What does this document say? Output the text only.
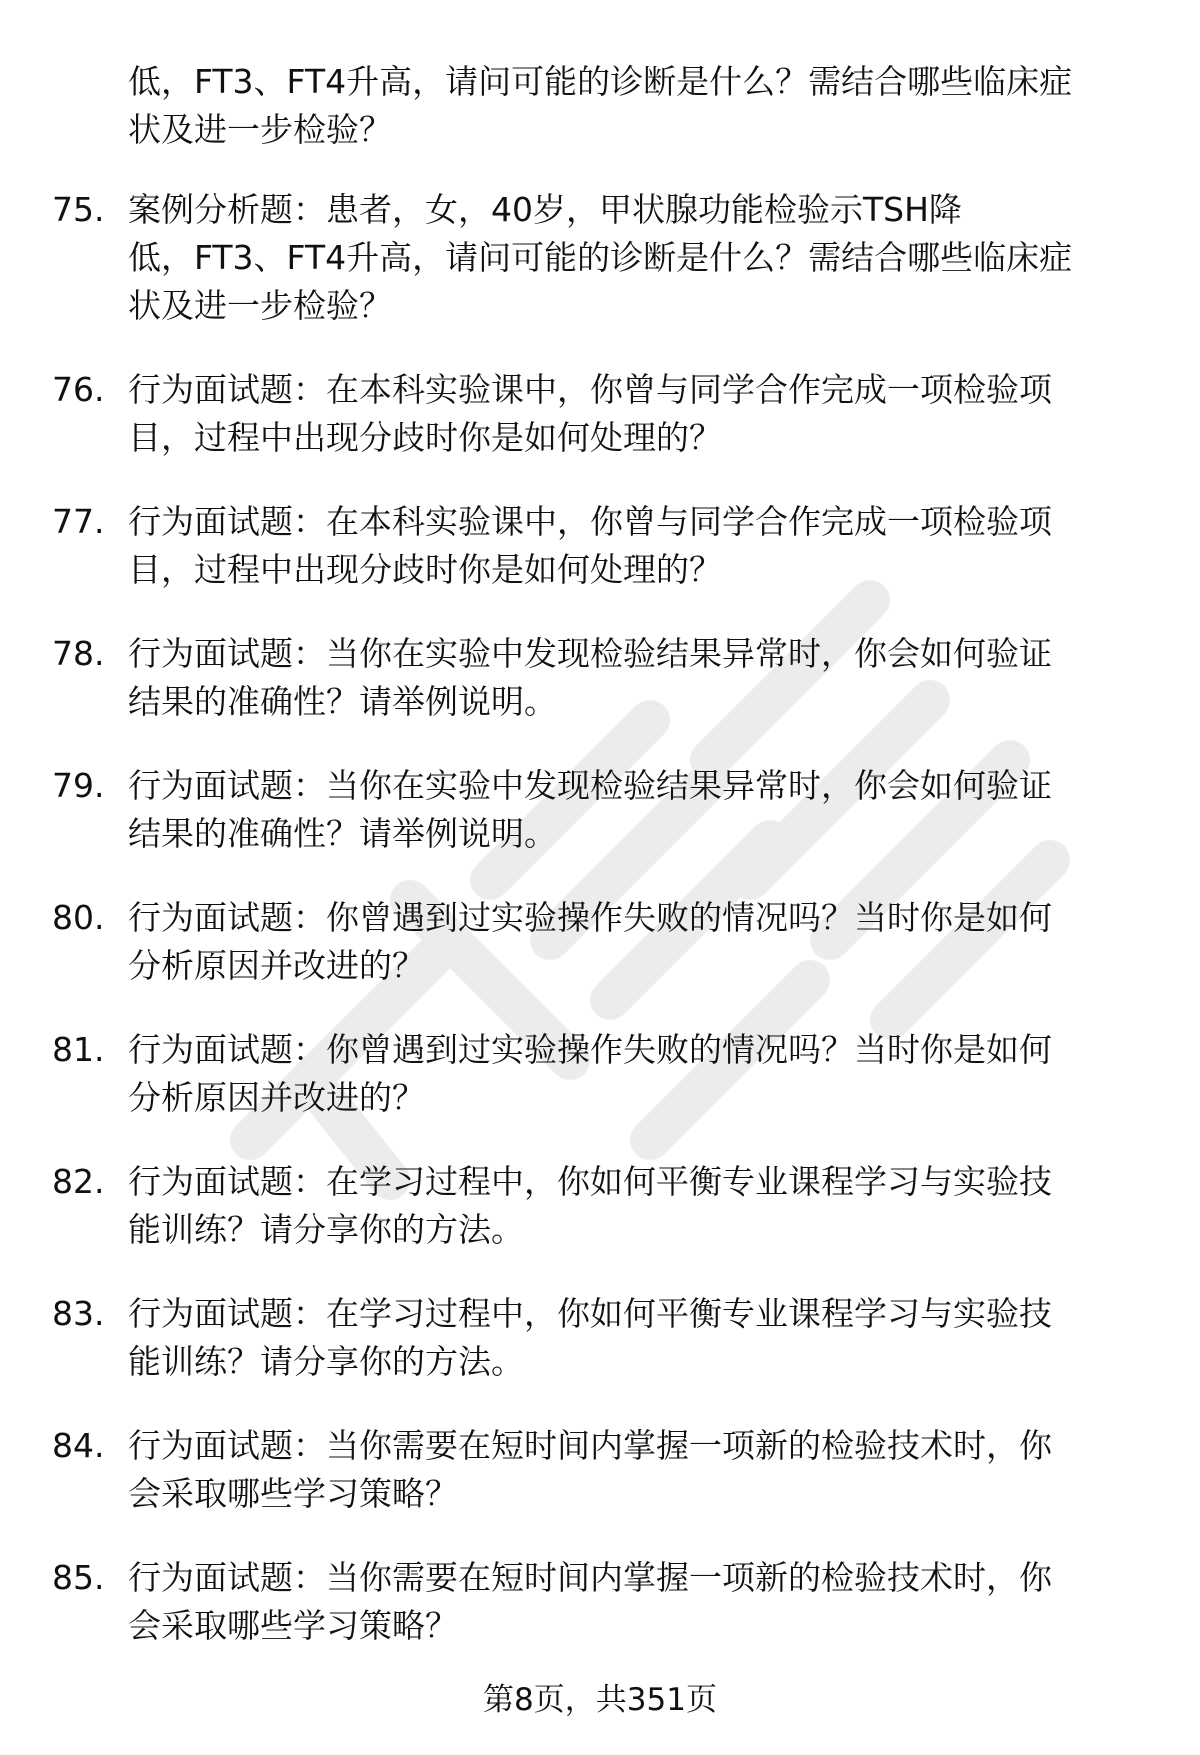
低，FT3、FT4升高，请问可能的诊断是什么？需结合哪些临床症

状及进一步检验？

75. 案例分析题：患者，女，40岁，甲状腺功能检验示TSH降

低，FT3、FT4升高，请问可能的诊断是什么？需结合哪些临床症

状及进一步检验？

76. 行为面试题：在本科实验课中，你曾与同学合作完成一项检验项

目，过程中出现分歧时你是如何处理的？

77. 行为面试题：在本科实验课中，你曾与同学合作完成一项检验项

目，过程中出现分歧时你是如何处理的？

78. 行为面试题：当你在实验中发现检验结果异常时，你会如何验证

结果的准确性？请举例说明。

79. 行为面试题：当你在实验中发现检验结果异常时，你会如何验证

结果的准确性？请举例说明。

80. 行为面试题：你曾遇到过实验操作失败的情况吗？当时你是如何

分析原因并改进的？

81. 行为面试题：你曾遇到过实验操作失败的情况吗？当时你是如何

分析原因并改进的？

82. 行为面试题：在学习过程中，你如何平衡专业课程学习与实验技

能训练？请分享你的方法。

83. 行为面试题：在学习过程中，你如何平衡专业课程学习与实验技

能训练？请分享你的方法。

84. 行为面试题：当你需要在短时间内掌握一项新的检验技术时，你

会采取哪些学习策略？

85. 行为面试题：当你需要在短时间内掌握一项新的检验技术时，你

会采取哪些学习策略？

第8页，共351页
